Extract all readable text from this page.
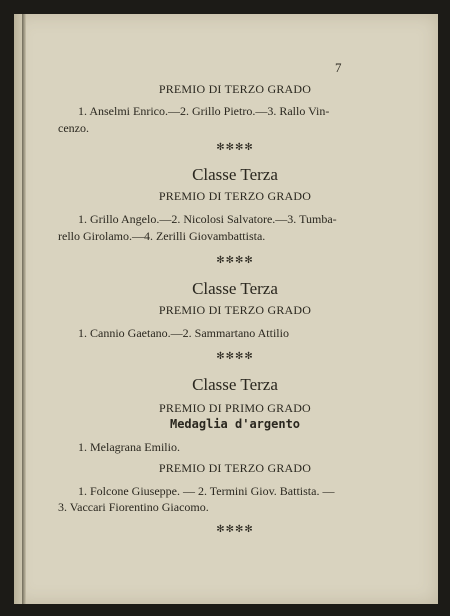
7
PREMIO DI TERZO GRADO
1. Anselmi Enrico.—2. Grillo Pietro.—3. Rallo Vin-
cenzo.
✻✻✻✻
Classe Terza
PREMIO DI TERZO GRADO
1. Grillo Angelo.—2. Nicolosi Salvatore.—3. Tumba-
rello Girolamo.—4. Zerilli Giovambattista.
✻✻✻✻
Classe Terza
PREMIO DI TERZO GRADO
1. Cannio Gaetano.—2. Sammartano Attilio
✻✻✻✻
Classe Terza
PREMIO DI PRIMO GRADO
Medaglia d'argento
1. Melagrana Emilio.
PREMIO DI TERZO GRADO
1. Folcone Giuseppe. — 2. Termini Giov. Battista. —
3. Vaccari Fiorentino Giacomo.
✻✻✻✻
